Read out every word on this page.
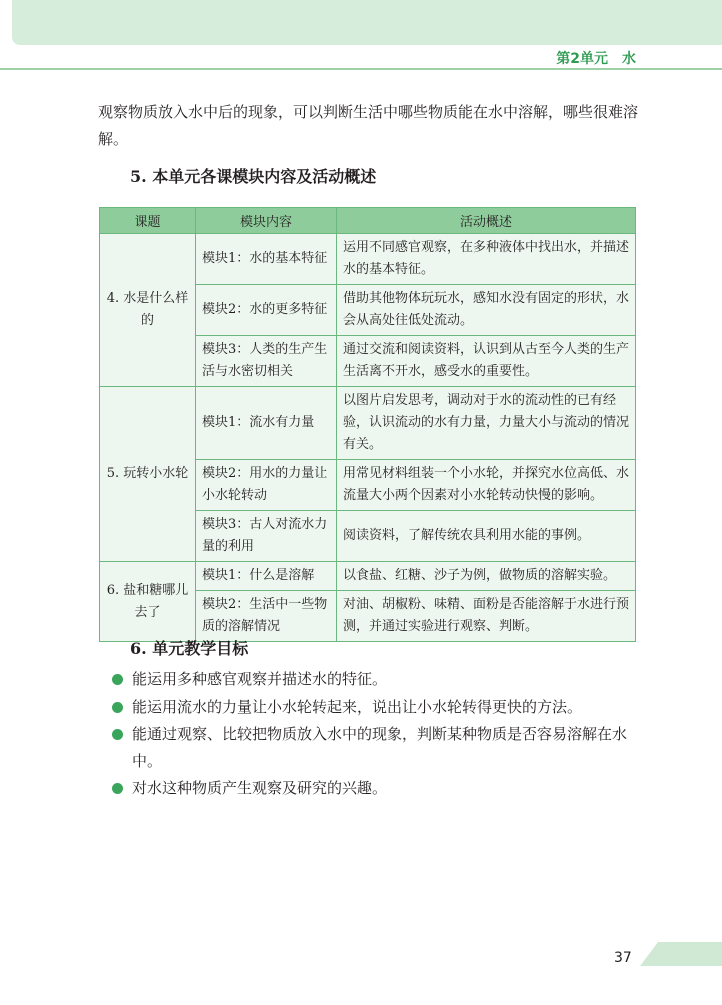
第2单元 水

观察物质放入水中后的现象，可以判断生活中哪些物质能在水中溶解，哪些很难溶解。

5. 本单元各课模块内容及活动概述
课题	模块内容	活动概述
4. 水是什么样的	模块1：水的基本特征	运用不同感官观察，在多种液体中找出水，并描述水的基本特征。
	模块2：水的更多特征	借助其他物体玩玩水，感知水没有固定的形状，水会从高处往低处流动。
	模块3：人类的生产生活与水密切相关	通过交流和阅读资料，认识到从古至今人类的生产生活离不开水，感受水的重要性。
5. 玩转小水轮	模块1：流水有力量	以图片启发思考，调动对于水的流动性的已有经验，认识流动的水有力量，力量大小与流动的情况有关。
	模块2：用水的力量让小水轮转动	用常见材料组装一个小水轮，并探究水位高低、水流量大小两个因素对小水轮转动快慢的影响。
	模块3：古人对流水力量的利用	阅读资料，了解传统农具利用水能的事例。
6. 盐和糖哪儿去了	模块1：什么是溶解	以食盐、红糖、沙子为例，做物质的溶解实验。
	模块2：生活中一些物质的溶解情况	对油、胡椒粉、味精、面粉是否能溶解于水进行预测，并通过实验进行观察、判断。
6. 单元教学目标

能运用多种感官观察并描述水的特征。

能运用流水的力量让小水轮转起来，说出让小水轮转得更快的方法。

能通过观察、比较把物质放入水中的现象，判断某种物质是否容易溶解在水中。

对水这种物质产生观察及研究的兴趣。

37
